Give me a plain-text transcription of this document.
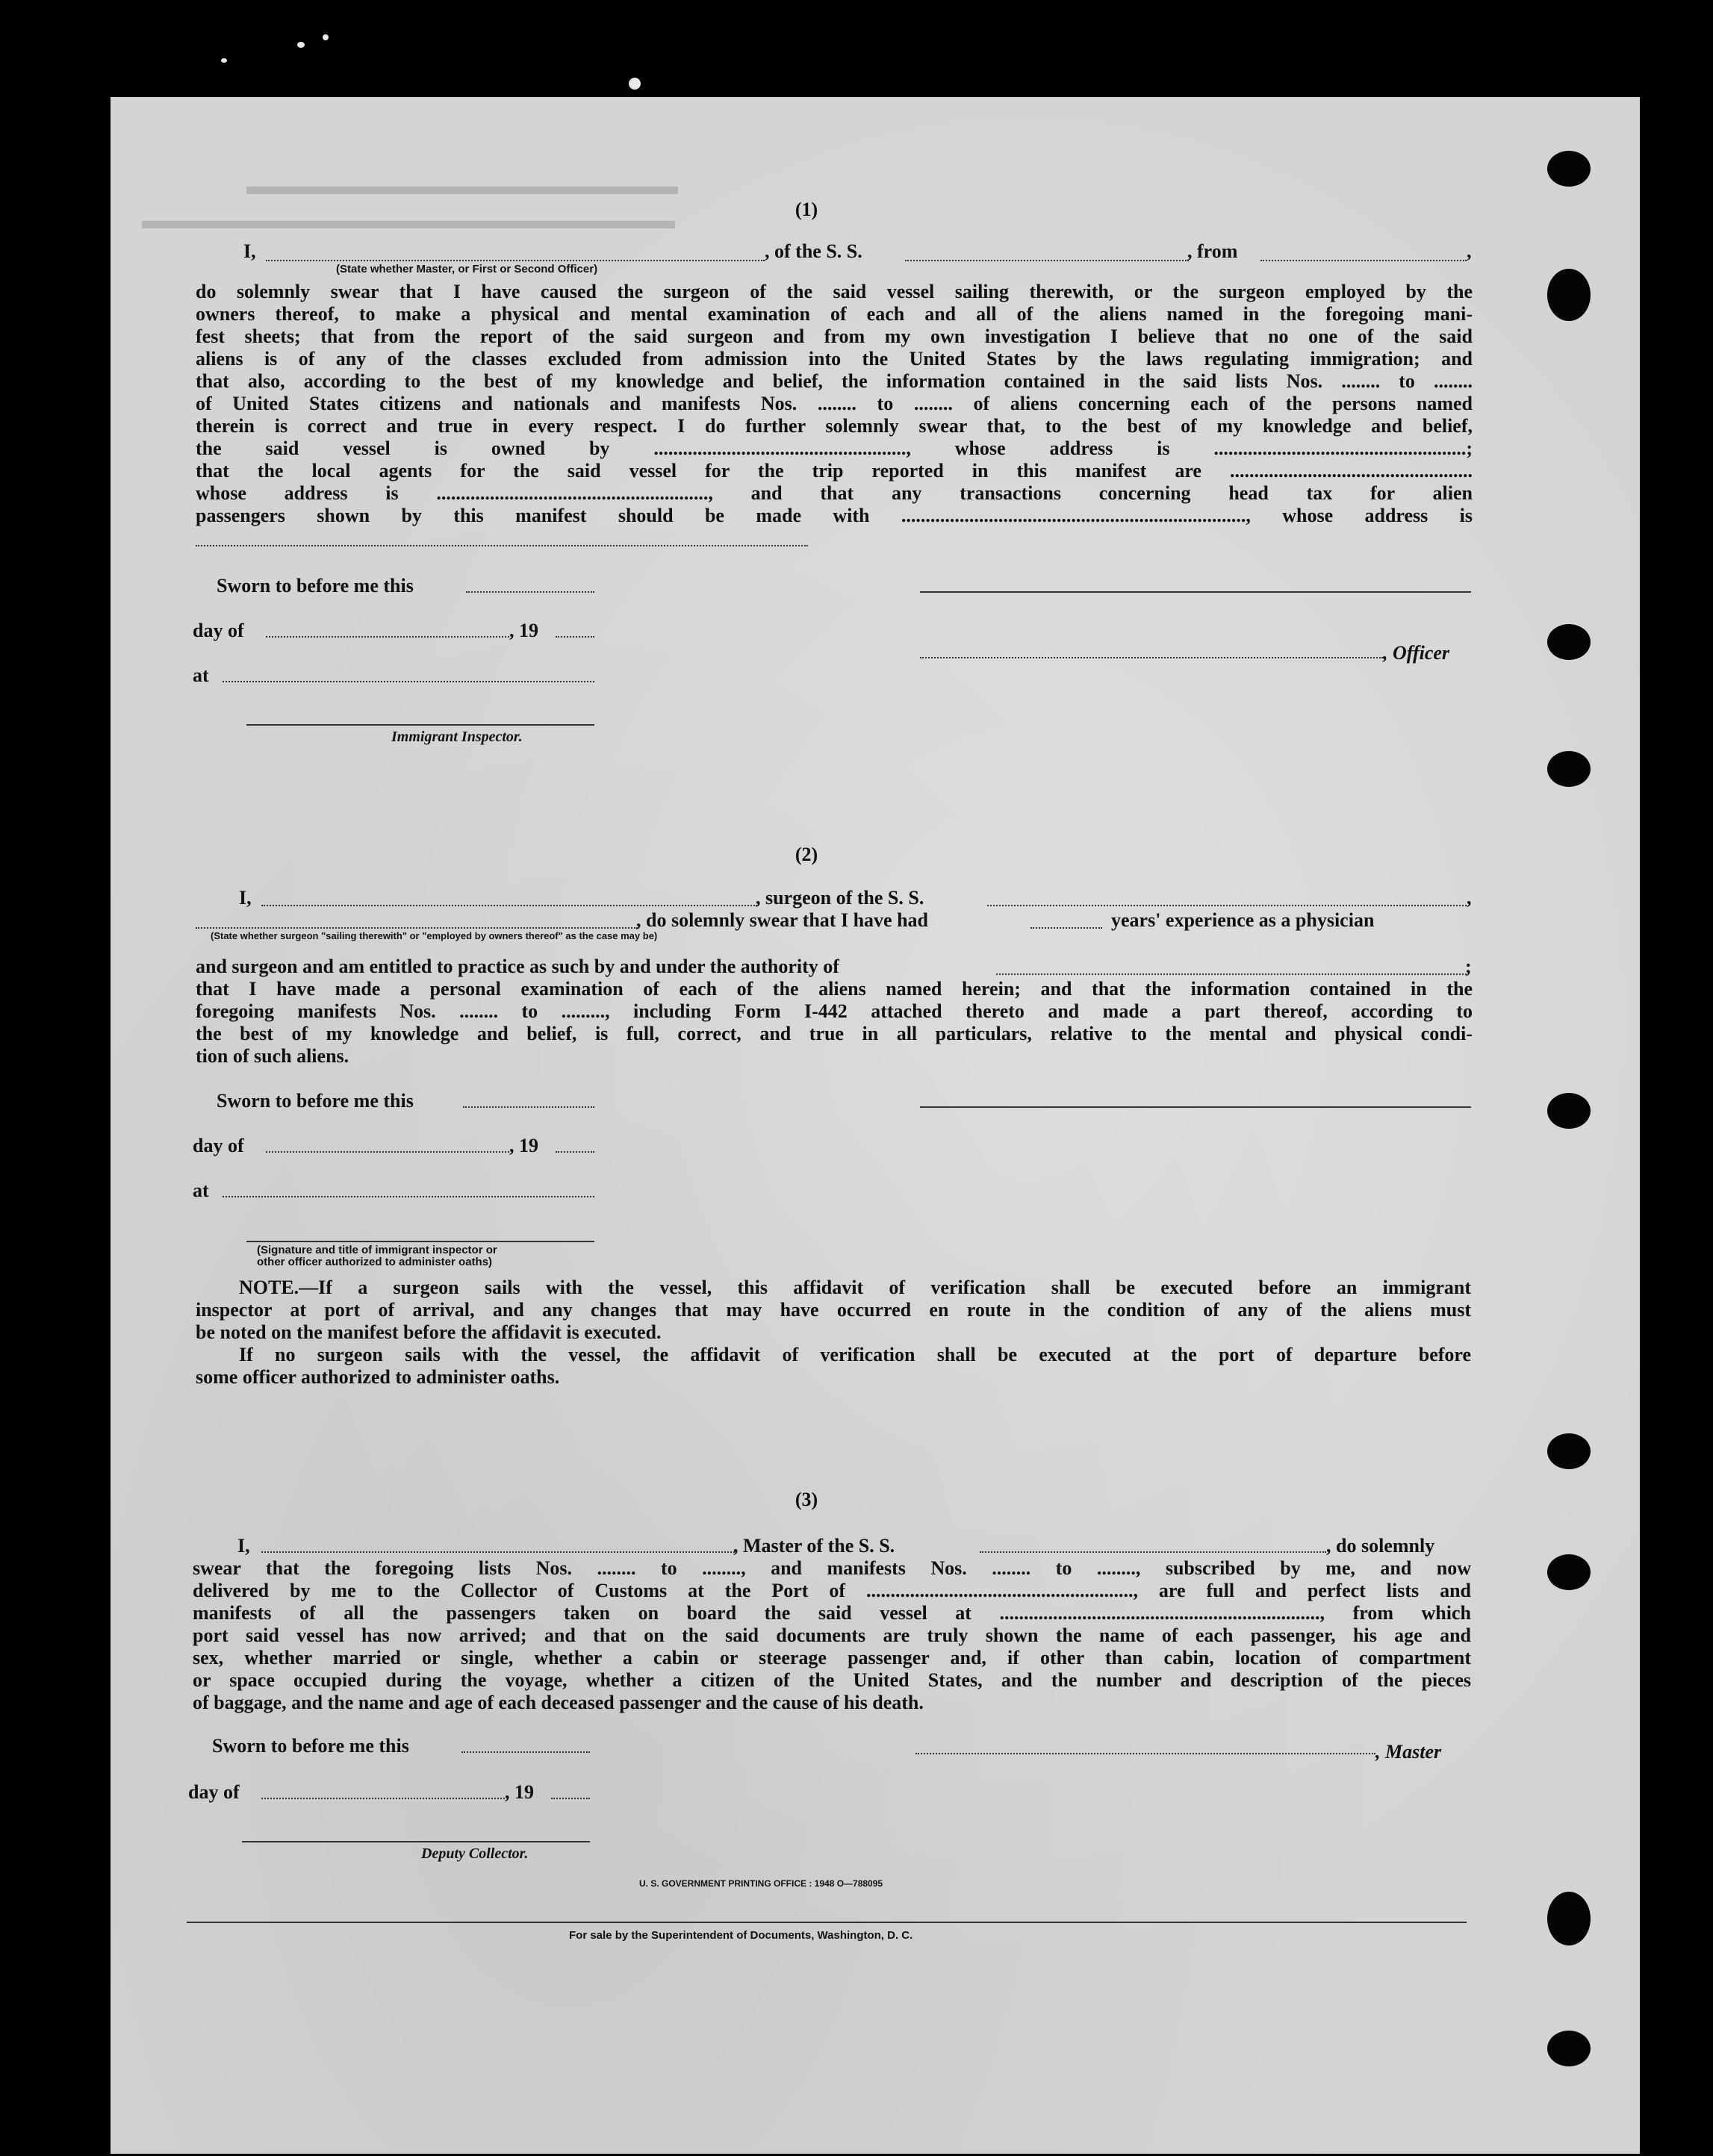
▬▬▬▬▬▬▬▬▬▬▬▬▬▬▬▬▬
▬▬▬▬▬▬▬▬▬▬▬▬▬▬▬▬▬▬▬▬▬	(1)
I,
(State whether Master, or First or Second Officer)
, of the S. S.	, from	,
do solemnly swear that I have caused the surgeon of the said vessel sailing therewith, or the surgeon employed by the
owners thereof, to make a physical and mental examination of each and all of the aliens named in the foregoing mani-
fest sheets; that from the report of the said surgeon and from my own investigation I believe that no one of the said
aliens is of any of the classes excluded from admission into the United States by the laws regulating immigration; and
that also, according to the best of my knowledge and belief, the information contained in the said lists Nos. ........ to ........
of United States citizens and nationals and manifests Nos. ........ to ........ of aliens concerning each of the persons named
therein is correct and true in every respect. I do further solemnly swear that, to the best of my knowledge and belief,
the said vessel is owned by ...................................................., whose address is ....................................................;
that the local agents for the said vessel for the trip reported in this manifest are ..................................................
whose address is ........................................................, and that any transactions concerning head tax for alien
passengers shown by this manifest should be made with ......................................................................., whose address is
Sworn to before me this
day of	, 19
, Officer
at
Immigrant Inspector.
(2)
I,	, surgeon of the S. S.	,
, do solemnly swear that I have had	years' experience as a physician
(State whether surgeon "sailing therewith" or "employed by owners thereof" as the case may be)
and surgeon and am entitled to practice as such by and under the authority of	;
that I have made a personal examination of each of the aliens named herein; and that the information contained in the
foregoing manifests Nos. ........ to ........., including Form I-442 attached thereto and made a part thereof, according to
the best of my knowledge and belief, is full, correct, and true in all particulars, relative to the mental and physical condi-
tion of such aliens.
Sworn to before me this
day of	, 19
at
(Signature and title of immigrant inspector or
other officer authorized to administer oaths)
NOTE.—If a surgeon sails with the vessel, this affidavit of verification shall be executed before an immigrant
inspector at port of arrival, and any changes that may have occurred en route in the condition of any of the aliens must
be noted on the manifest before the affidavit is executed.
If no surgeon sails with the vessel, the affidavit of verification shall be executed at the port of departure before
some officer authorized to administer oaths.
(3)
I,	, Master of the S. S.	, do solemnly
swear that the foregoing lists Nos. ........ to ........, and manifests Nos. ........ to ........, subscribed by me, and now
delivered by me to the Collector of Customs at the Port of ......................................................., are full and perfect lists and
manifests of all the passengers taken on board the said vessel at .................................................................., from which
port said vessel has now arrived; and that on the said documents are truly shown the name of each passenger, his age and
sex, whether married or single, whether a cabin or steerage passenger and, if other than cabin, location of compartment
or space occupied during the voyage, whether a citizen of the United States, and the number and description of the pieces
of baggage, and the name and age of each deceased passenger and the cause of his death.
Sworn to before me this	, Master
day of	, 19
Deputy Collector.
U. S. GOVERNMENT PRINTING OFFICE : 1948 O—788095
For sale by the Superintendent of Documents, Washington, D. C.
